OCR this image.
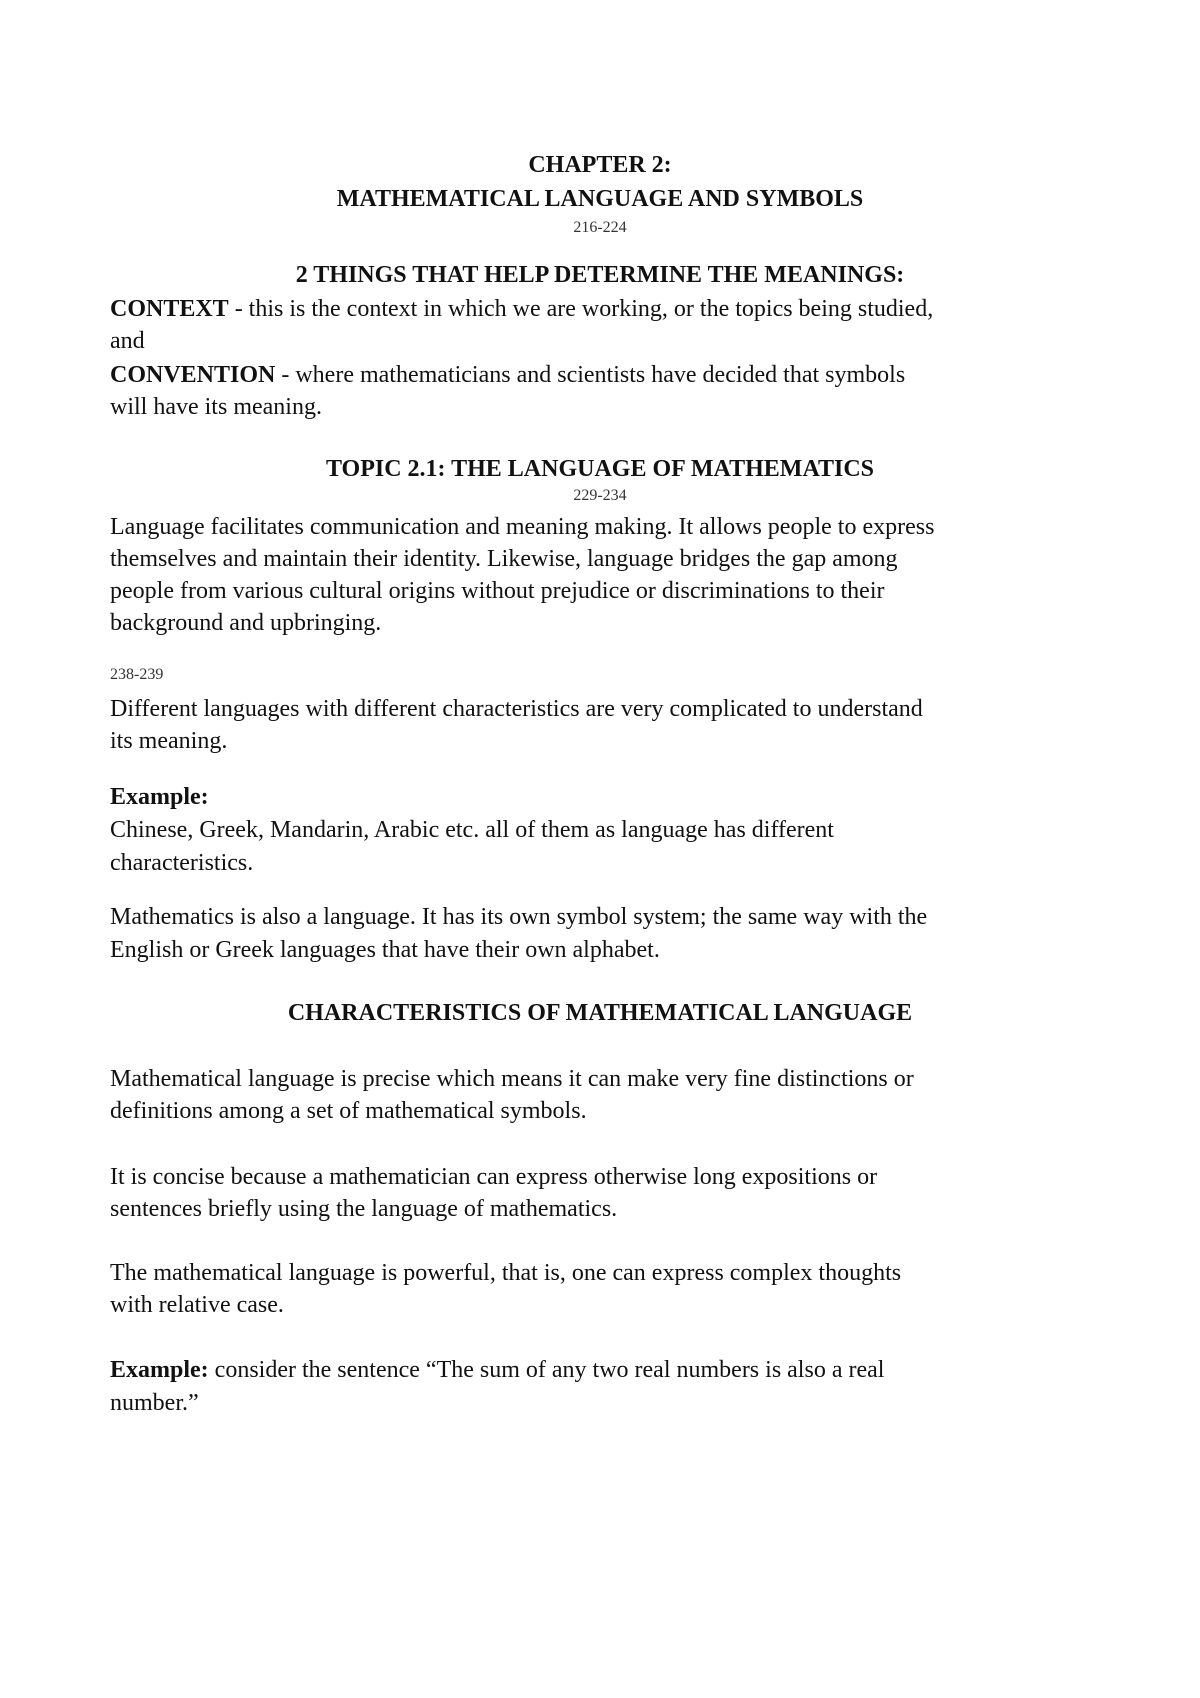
CHAPTER 2:
MATHEMATICAL LANGUAGE AND SYMBOLS
216-224
2 THINGS THAT HELP DETERMINE THE MEANINGS:
CONTEXT - this is the context in which we are working, or the topics being studied,
and
CONVENTION - where mathematicians and scientists have decided that symbols
will have its meaning.
TOPIC 2.1: THE LANGUAGE OF MATHEMATICS
229-234
Language facilitates communication and meaning making. It allows people to express
themselves and maintain their identity. Likewise, language bridges the gap among
people from various cultural origins without prejudice or discriminations to their
background and upbringing.
238-239
Different languages with different characteristics are very complicated to understand
its meaning.
Example:
Chinese, Greek, Mandarin, Arabic etc. all of them as language has different
characteristics.
Mathematics is also a language. It has its own symbol system; the same way with the
English or Greek languages that have their own alphabet.
CHARACTERISTICS OF MATHEMATICAL LANGUAGE
Mathematical language is precise which means it can make very fine distinctions or
definitions among a set of mathematical symbols.
It is concise because a mathematician can express otherwise long expositions or
sentences briefly using the language of mathematics.
The mathematical language is powerful, that is, one can express complex thoughts
with relative case.
Example: consider the sentence “The sum of any two real numbers is also a real
number.”
